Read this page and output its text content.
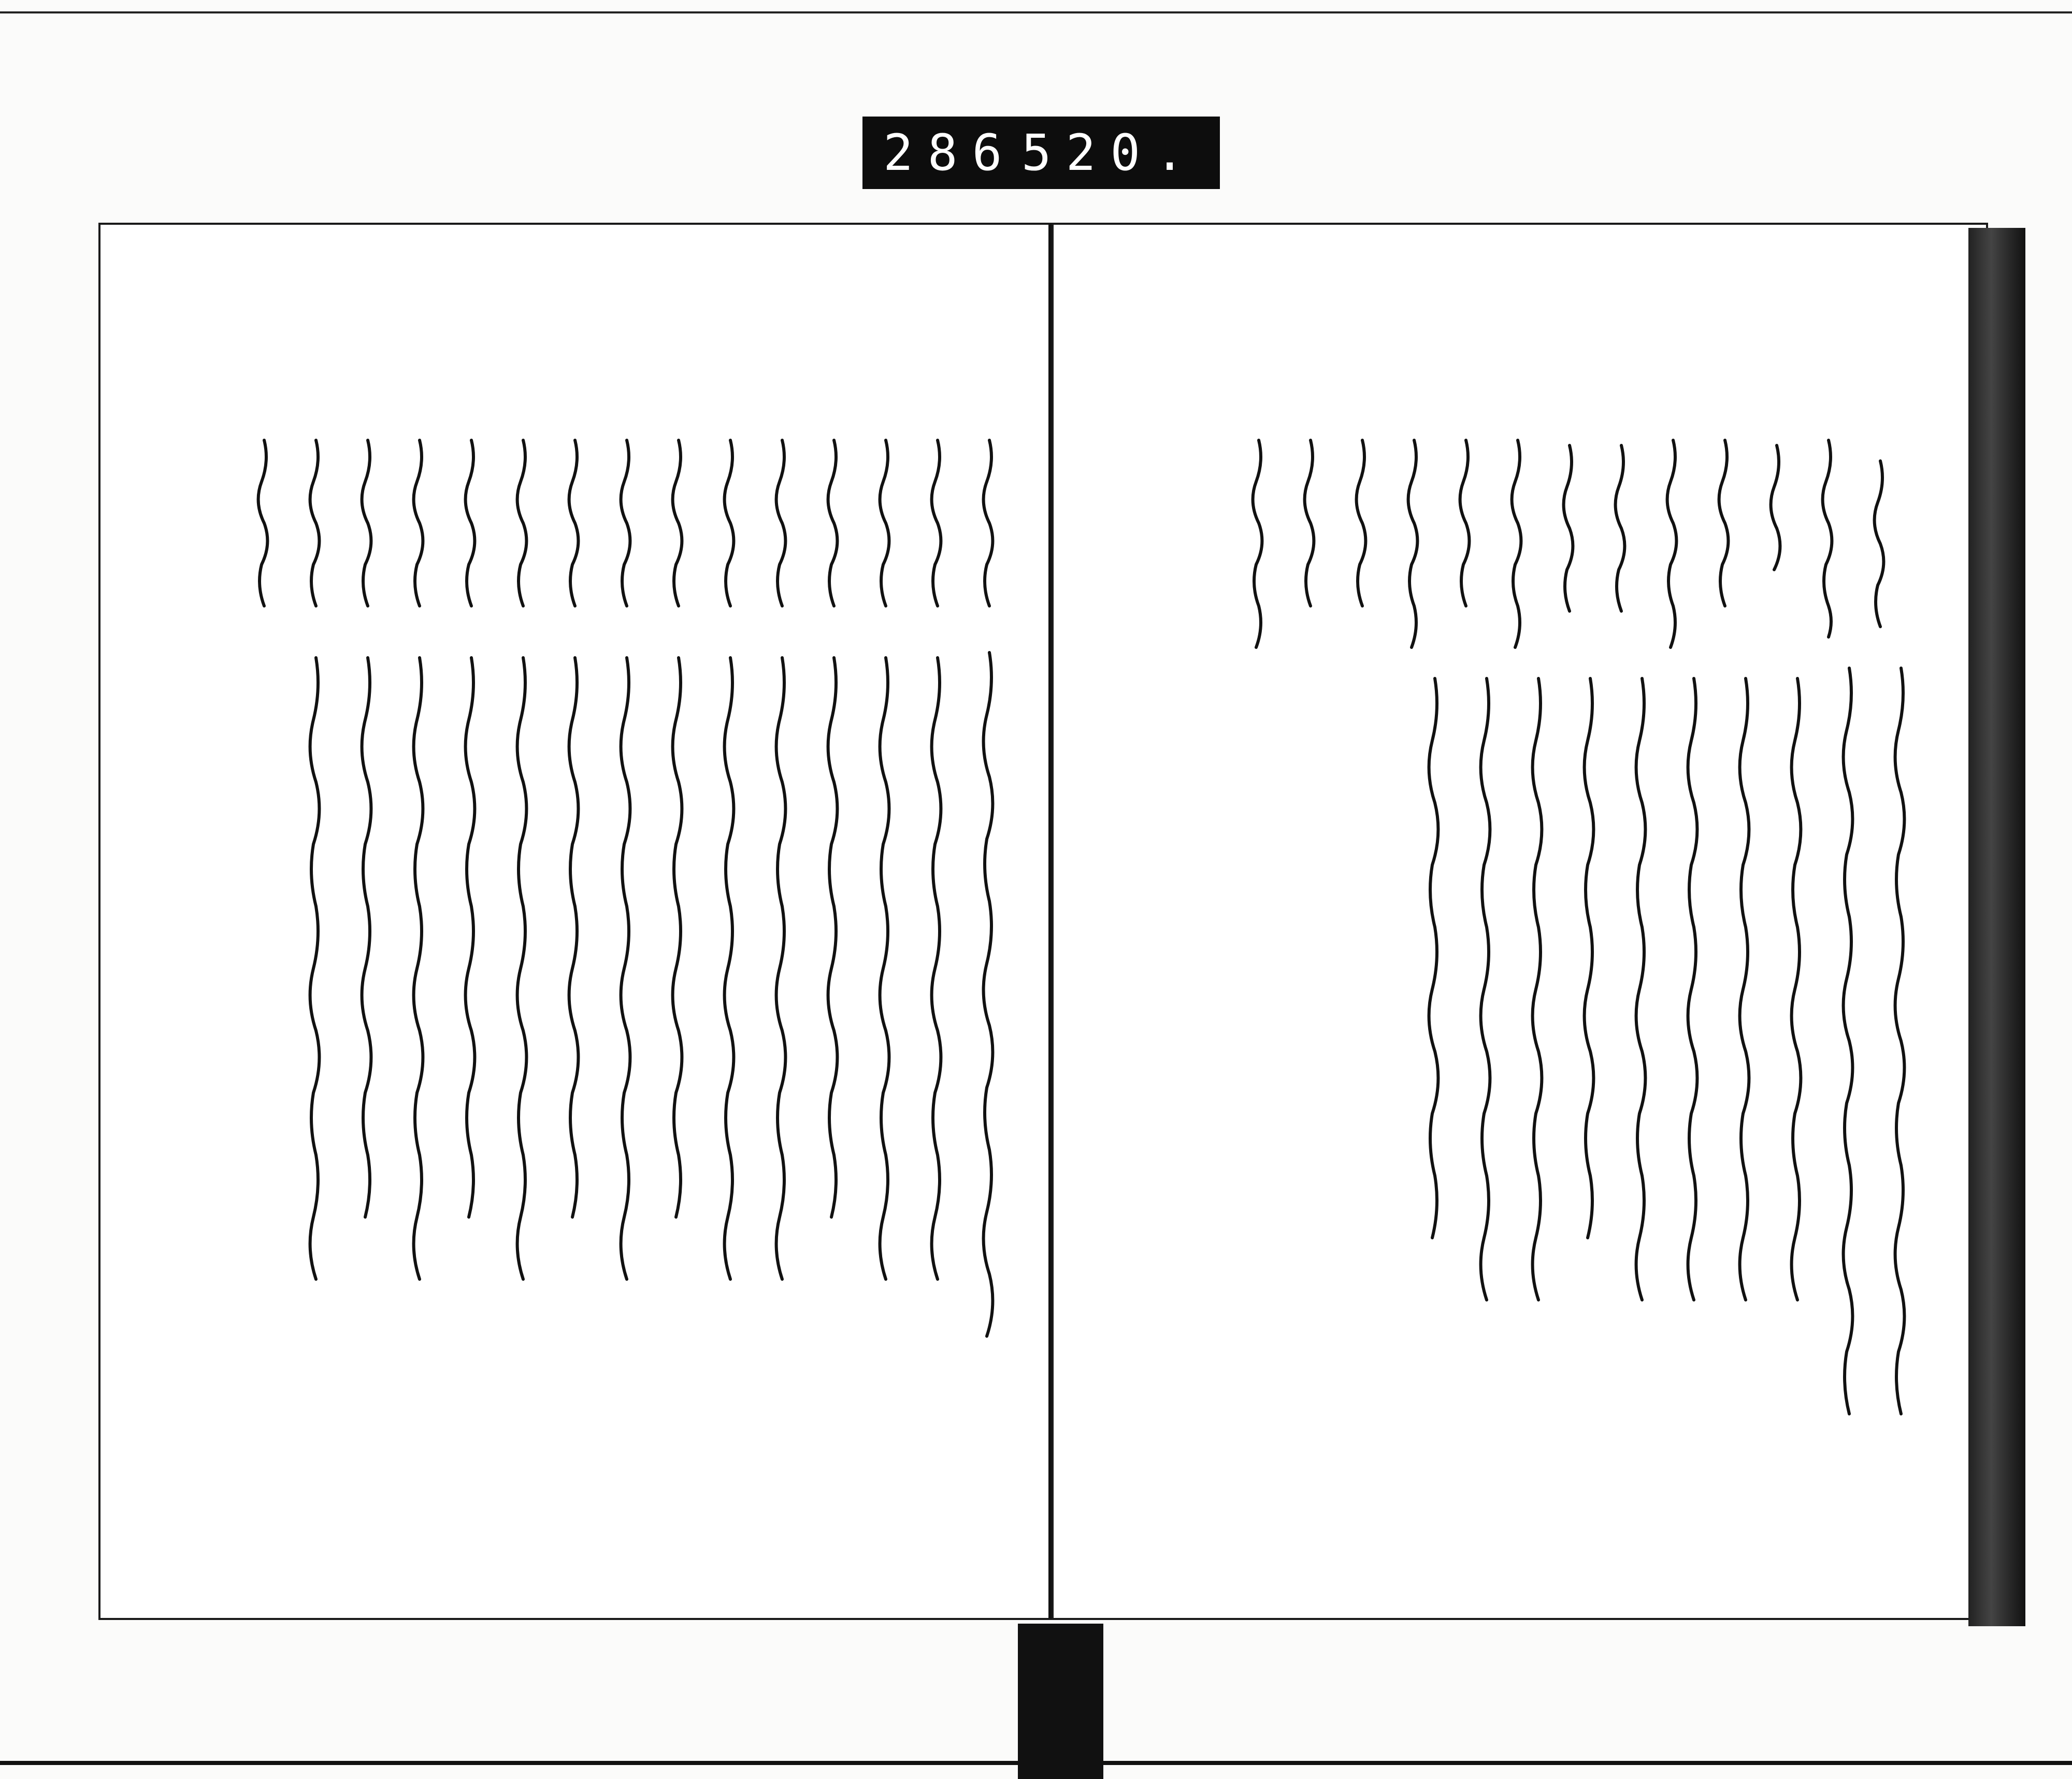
286 520.
